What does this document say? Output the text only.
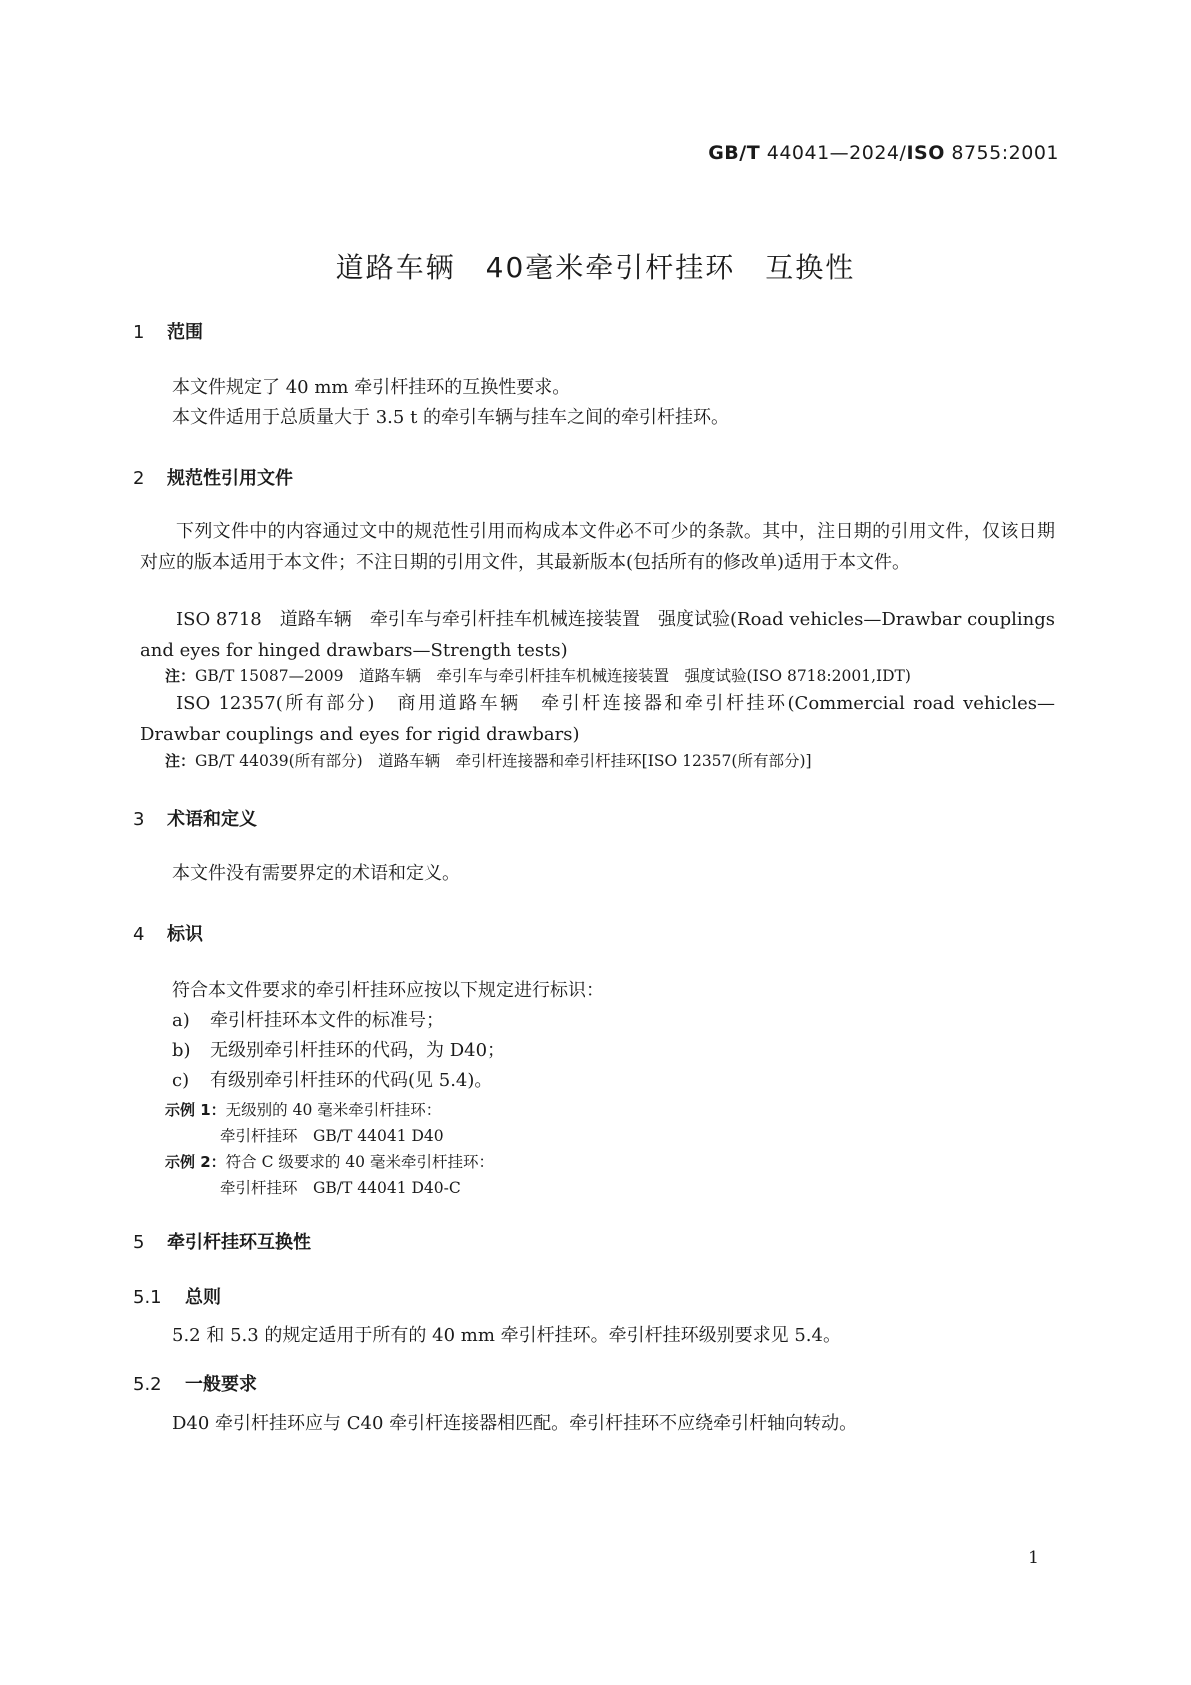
GB/T 44041—2024/ISO 8755:2001
道路车辆　40毫米牵引杆挂环　互换性
1 范围
本文件规定了 40 mm 牵引杆挂环的互换性要求。
本文件适用于总质量大于 3.5 t 的牵引车辆与挂车之间的牵引杆挂环。
2 规范性引用文件
下列文件中的内容通过文中的规范性引用而构成本文件必不可少的条款。其中，注日期的引用文件，仅该日期对应的版本适用于本文件；不注日期的引用文件，其最新版本(包括所有的修改单)适用于本文件。
ISO 8718　道路车辆　牵引车与牵引杆挂车机械连接装置　强度试验(Road vehicles—Drawbar couplings and eyes for hinged drawbars—Strength tests)
注：GB/T 15087—2009　道路车辆　牵引车与牵引杆挂车机械连接装置　强度试验(ISO 8718:2001,IDT)
ISO 12357(所有部分)　商用道路车辆　牵引杆连接器和牵引杆挂环(Commercial road vehicles—Drawbar couplings and eyes for rigid drawbars)
注：GB/T 44039(所有部分)　道路车辆　牵引杆连接器和牵引杆挂环[ISO 12357(所有部分)]
3 术语和定义
本文件没有需要界定的术语和定义。
4 标识
符合本文件要求的牵引杆挂环应按以下规定进行标识：
a) 牵引杆挂环本文件的标准号；
b) 无级别牵引杆挂环的代码，为 D40；
c) 有级别牵引杆挂环的代码(见 5.4)。
示例 1：无级别的 40 毫米牵引杆挂环：
牵引杆挂环　GB/T 44041 D40
示例 2：符合 C 级要求的 40 毫米牵引杆挂环：
牵引杆挂环　GB/T 44041 D40-C
5 牵引杆挂环互换性
5.1 总则
5.2 和 5.3 的规定适用于所有的 40 mm 牵引杆挂环。牵引杆挂环级别要求见 5.4。
5.2 一般要求
D40 牵引杆挂环应与 C40 牵引杆连接器相匹配。牵引杆挂环不应绕牵引杆轴向转动。
1
